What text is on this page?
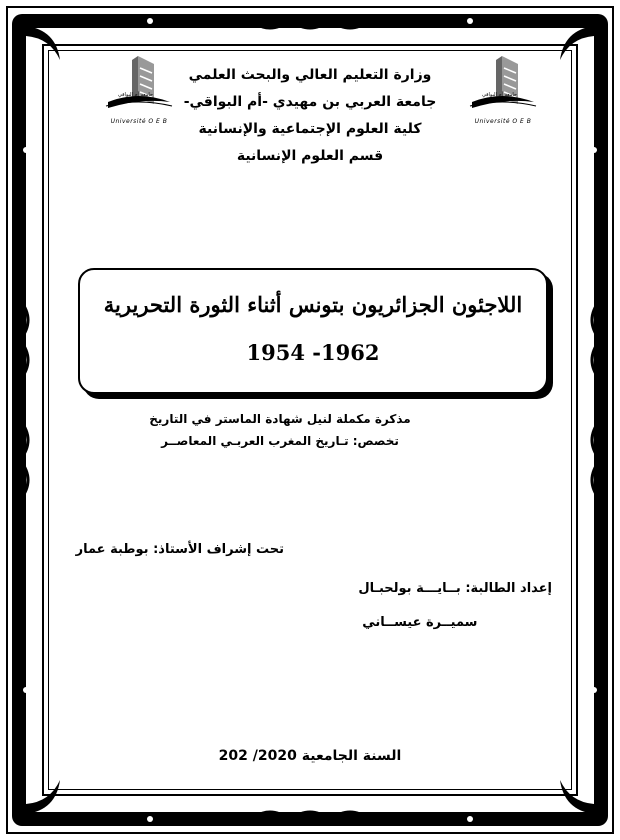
جامعة أم البواقي
Université O E B
جامعة أم البواقي
Université O E B
وزارة التعليم العالي والبحث العلمي
جامعة العربي بن مهيدي -أم البواقي-
كلية العلوم الإجتماعية والإنسانية
قسم العلوم الإنسانية
اللاجئون الجزائريون بتونس أثناء الثورة التحريرية
1954 -1962
مذكرة مكملة لنيل شهادة الماستر في التاريخ
تخصص: تـاريخ المغرب العربـي المعاصــر
تحت إشراف الأستاذ: بوطبة عمار
إعداد الطالبة: بــايـــة بولحبـال
سميــرة عيســاني
السنة الجامعية 2020/ 202
